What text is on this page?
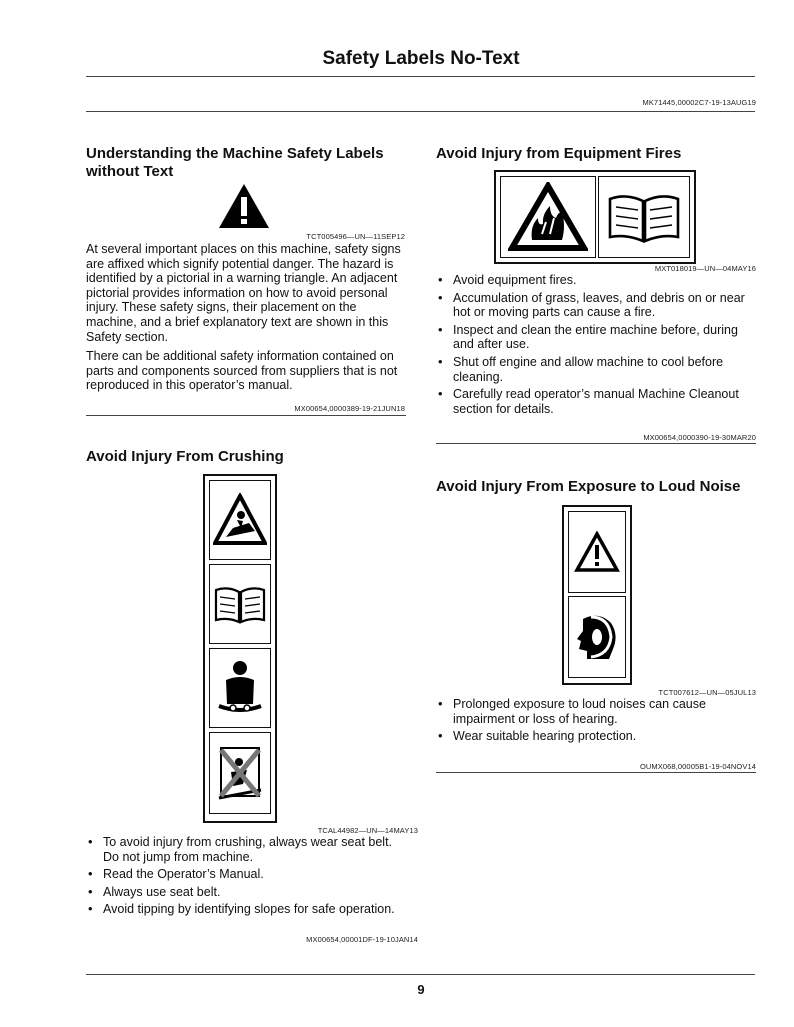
Safety Labels No-Text
MK71445,00002C7-19-13AUG19
Understanding the Machine Safety Labels
without Text
TCT005496—UN—11SEP12

At several important places on this machine, safety signs are affixed which signify potential danger. The hazard is identified by a pictorial in a warning triangle. An adjacent pictorial provides information on how to avoid personal injury. These safety signs, their placement on the machine, and a brief explanatory text are shown in this Safety section.

There can be additional safety information contained on parts and components sourced from suppliers that is not reproduced in this operator’s manual.

MX00654,0000389-19-21JUN18
Avoid Injury From Crushing
TCAL44982—UN—14MAY13
• To avoid injury from crushing, always wear seat belt. Do not jump from machine.
• Read the Operator’s Manual.
• Always use seat belt.
• Avoid tipping by identifying slopes for safe operation.
MX00654,00001DF-19-10JAN14
Avoid Injury from Equipment Fires
MXT018019—UN—04MAY16
• Avoid equipment fires.
• Accumulation of grass, leaves, and debris on or near hot or moving parts can cause a fire.
• Inspect and clean the entire machine before, during and after use.
• Shut off engine and allow machine to cool before cleaning.
• Carefully read operator’s manual Machine Cleanout section for details.
MX00654,0000390-19-30MAR20
Avoid Injury From Exposure to Loud Noise
TCT007612—UN—05JUL13
• Prolonged exposure to loud noises can cause impairment or loss of hearing.
• Wear suitable hearing protection.
OUMX068,00005B1-19-04NOV14
9
